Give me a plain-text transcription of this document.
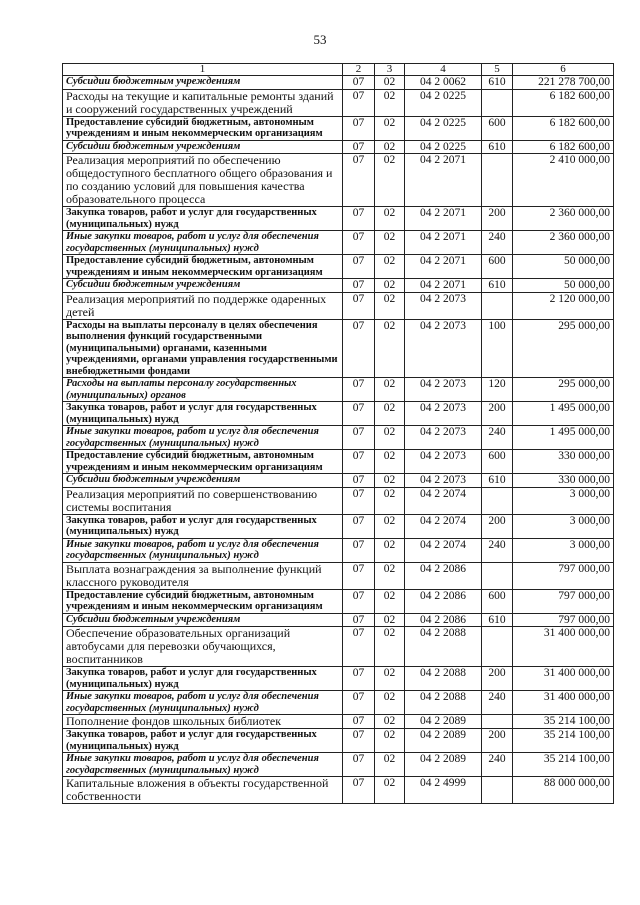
53
1	2	3	4	5	6
Субсидии бюджетным учреждениям	07	02	04 2 0062	610	221 278 700,00
Расходы на текущие и капитальные ремонты зданий и сооружений государственных учреждений	07	02	04 2 0225		6 182 600,00
Предоставление субсидий бюджетным, автономным учреждениям и иным некоммерческим организациям	07	02	04 2 0225	600	6 182 600,00
Субсидии бюджетным учреждениям	07	02	04 2 0225	610	6 182 600,00
Реализация мероприятий по обеспечению общедоступного бесплатного общего образования и по созданию условий для повышения качества образовательного процесса	07	02	04 2 2071		2 410 000,00
Закупка товаров, работ и услуг для государственных (муниципальных) нужд	07	02	04 2 2071	200	2 360 000,00
Иные закупки товаров, работ и услуг для обеспечения государственных (муниципальных) нужд	07	02	04 2 2071	240	2 360 000,00
Предоставление субсидий бюджетным, автономным учреждениям и иным некоммерческим организациям	07	02	04 2 2071	600	50 000,00
Субсидии бюджетным учреждениям	07	02	04 2 2071	610	50 000,00
Реализация мероприятий по поддержке одаренных детей	07	02	04 2 2073		2 120 000,00
Расходы на выплаты персоналу в целях обеспечения выполнения функций государственными (муниципальными) органами, казенными учреждениями, органами управления государственными внебюджетными фондами	07	02	04 2 2073	100	295 000,00
Расходы на выплаты персоналу государственных (муниципальных) органов	07	02	04 2 2073	120	295 000,00
Закупка товаров, работ и услуг для государственных (муниципальных) нужд	07	02	04 2 2073	200	1 495 000,00
Иные закупки товаров, работ и услуг для обеспечения государственных (муниципальных) нужд	07	02	04 2 2073	240	1 495 000,00
Предоставление субсидий бюджетным, автономным учреждениям и иным некоммерческим организациям	07	02	04 2 2073	600	330 000,00
Субсидии бюджетным учреждениям	07	02	04 2 2073	610	330 000,00
Реализация мероприятий по совершенствованию системы воспитания	07	02	04 2 2074		3 000,00
Закупка товаров, работ и услуг для государственных (муниципальных) нужд	07	02	04 2 2074	200	3 000,00
Иные закупки товаров, работ и услуг для обеспечения государственных (муниципальных) нужд	07	02	04 2 2074	240	3 000,00
Выплата вознаграждения за выполнение функций классного руководителя	07	02	04 2 2086		797 000,00
Предоставление субсидий бюджетным, автономным учреждениям и иным некоммерческим организациям	07	02	04 2 2086	600	797 000,00
Субсидии бюджетным учреждениям	07	02	04 2 2086	610	797 000,00
Обеспечение образовательных организаций автобусами для перевозки обучающихся, воспитанников	07	02	04 2 2088		31 400 000,00
Закупка товаров, работ и услуг для государственных (муниципальных) нужд	07	02	04 2 2088	200	31 400 000,00
Иные закупки товаров, работ и услуг для обеспечения государственных (муниципальных) нужд	07	02	04 2 2088	240	31 400 000,00
Пополнение фондов школьных библиотек	07	02	04 2 2089		35 214 100,00
Закупка товаров, работ и услуг для государственных (муниципальных) нужд	07	02	04 2 2089	200	35 214 100,00
Иные закупки товаров, работ и услуг для обеспечения государственных (муниципальных) нужд	07	02	04 2 2089	240	35 214 100,00
Капитальные вложения в объекты государственной собственности	07	02	04 2 4999		88 000 000,00
